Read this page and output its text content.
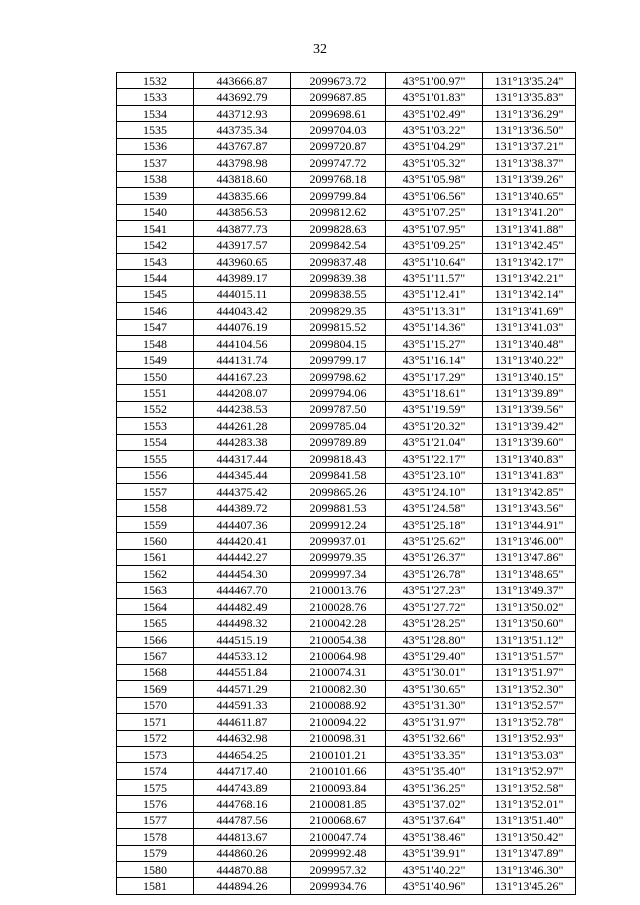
32
1532	443666.87	2099673.72	43°51'00.97"	131°13'35.24"
1533	443692.79	2099687.85	43°51'01.83"	131°13'35.83"
1534	443712.93	2099698.61	43°51'02.49"	131°13'36.29"
1535	443735.34	2099704.03	43°51'03.22"	131°13'36.50"
1536	443767.87	2099720.87	43°51'04.29"	131°13'37.21"
1537	443798.98	2099747.72	43°51'05.32"	131°13'38.37"
1538	443818.60	2099768.18	43°51'05.98"	131°13'39.26"
1539	443835.66	2099799.84	43°51'06.56"	131°13'40.65"
1540	443856.53	2099812.62	43°51'07.25"	131°13'41.20"
1541	443877.73	2099828.63	43°51'07.95"	131°13'41.88"
1542	443917.57	2099842.54	43°51'09.25"	131°13'42.45"
1543	443960.65	2099837.48	43°51'10.64"	131°13'42.17"
1544	443989.17	2099839.38	43°51'11.57"	131°13'42.21"
1545	444015.11	2099838.55	43°51'12.41"	131°13'42.14"
1546	444043.42	2099829.35	43°51'13.31"	131°13'41.69"
1547	444076.19	2099815.52	43°51'14.36"	131°13'41.03"
1548	444104.56	2099804.15	43°51'15.27"	131°13'40.48"
1549	444131.74	2099799.17	43°51'16.14"	131°13'40.22"
1550	444167.23	2099798.62	43°51'17.29"	131°13'40.15"
1551	444208.07	2099794.06	43°51'18.61"	131°13'39.89"
1552	444238.53	2099787.50	43°51'19.59"	131°13'39.56"
1553	444261.28	2099785.04	43°51'20.32"	131°13'39.42"
1554	444283.38	2099789.89	43°51'21.04"	131°13'39.60"
1555	444317.44	2099818.43	43°51'22.17"	131°13'40.83"
1556	444345.44	2099841.58	43°51'23.10"	131°13'41.83"
1557	444375.42	2099865.26	43°51'24.10"	131°13'42.85"
1558	444389.72	2099881.53	43°51'24.58"	131°13'43.56"
1559	444407.36	2099912.24	43°51'25.18"	131°13'44.91"
1560	444420.41	2099937.01	43°51'25.62"	131°13'46.00"
1561	444442.27	2099979.35	43°51'26.37"	131°13'47.86"
1562	444454.30	2099997.34	43°51'26.78"	131°13'48.65"
1563	444467.70	2100013.76	43°51'27.23"	131°13'49.37"
1564	444482.49	2100028.76	43°51'27.72"	131°13'50.02"
1565	444498.32	2100042.28	43°51'28.25"	131°13'50.60"
1566	444515.19	2100054.38	43°51'28.80"	131°13'51.12"
1567	444533.12	2100064.98	43°51'29.40"	131°13'51.57"
1568	444551.84	2100074.31	43°51'30.01"	131°13'51.97"
1569	444571.29	2100082.30	43°51'30.65"	131°13'52.30"
1570	444591.33	2100088.92	43°51'31.30"	131°13'52.57"
1571	444611.87	2100094.22	43°51'31.97"	131°13'52.78"
1572	444632.98	2100098.31	43°51'32.66"	131°13'52.93"
1573	444654.25	2100101.21	43°51'33.35"	131°13'53.03"
1574	444717.40	2100101.66	43°51'35.40"	131°13'52.97"
1575	444743.89	2100093.84	43°51'36.25"	131°13'52.58"
1576	444768.16	2100081.85	43°51'37.02"	131°13'52.01"
1577	444787.56	2100068.67	43°51'37.64"	131°13'51.40"
1578	444813.67	2100047.74	43°51'38.46"	131°13'50.42"
1579	444860.26	2099992.48	43°51'39.91"	131°13'47.89"
1580	444870.88	2099957.32	43°51'40.22"	131°13'46.30"
1581	444894.26	2099934.76	43°51'40.96"	131°13'45.26"
